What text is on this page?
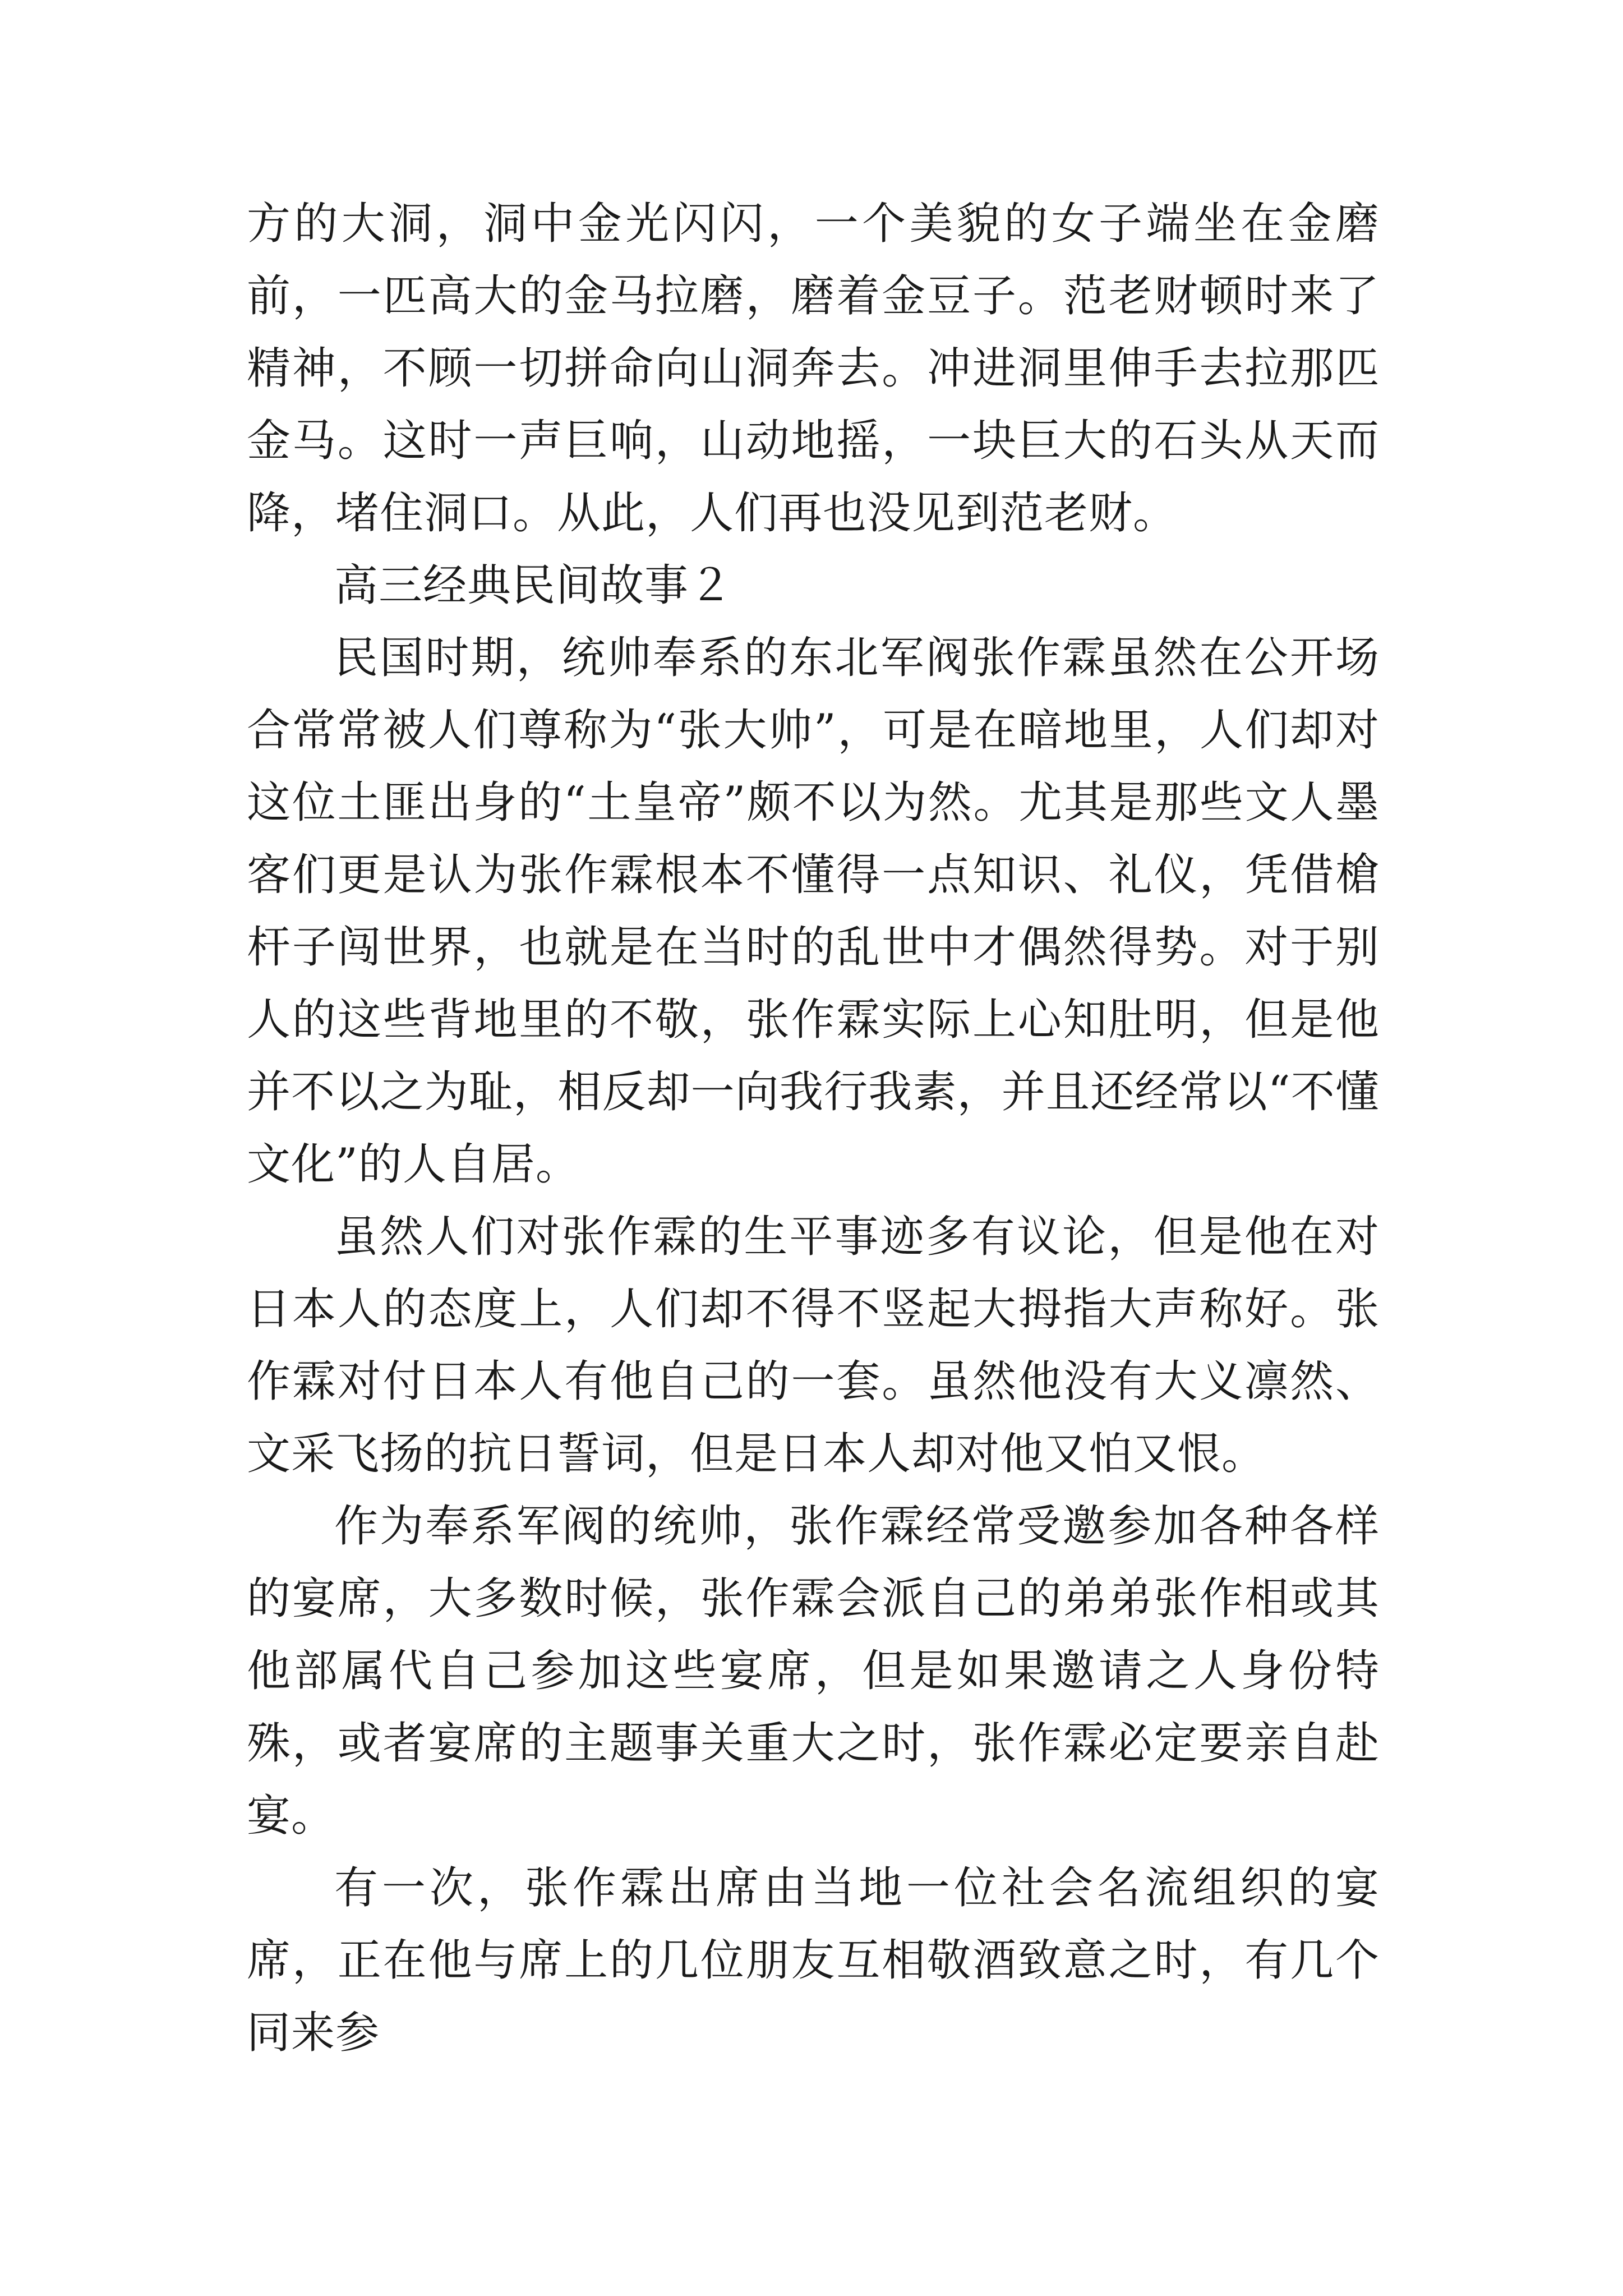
方的大洞，洞中金光闪闪，一个美貌的女子端坐在金磨前，一匹高大的金马拉磨，磨着金豆子。范老财顿时来了精神，不顾一切拼命向山洞奔去。冲进洞里伸手去拉那匹金马。这时一声巨响，山动地摇，一块巨大的石头从天而降，堵住洞口。从此，人们再也没见到范老财。

高三经典民间故事２

民国时期，统帅奉系的东北军阀张作霖虽然在公开场合常常被人们尊称为“张大帅”，可是在暗地里，人们却对这位土匪出身的“土皇帝”颇不以为然。尤其是那些文人墨客们更是认为张作霖根本不懂得一点知识、礼仪，凭借槍杆子闯世界，也就是在当时的乱世中才偶然得势。对于别人的这些背地里的不敬，张作霖实际上心知肚明，但是他并不以之为耻，相反却一向我行我素，并且还经常以“不懂文化”的人自居。

虽然人们对张作霖的生平事迹多有议论，但是他在对日本人的态度上，人们却不得不竖起大拇指大声称好。张作霖对付日本人有他自己的一套。虽然他没有大义凛然、文采飞扬的抗日誓词，但是日本人却对他又怕又恨。

作为奉系军阀的统帅，张作霖经常受邀参加各种各样的宴席，大多数时候，张作霖会派自己的弟弟张作相或其他部属代自己参加这些宴席，但是如果邀请之人身份特殊，或者宴席的主题事关重大之时，张作霖必定要亲自赴宴。

有一次，张作霖出席由当地一位社会名流组织的宴席，正在他与席上的几位朋友互相敬酒致意之时，有几个同来参
